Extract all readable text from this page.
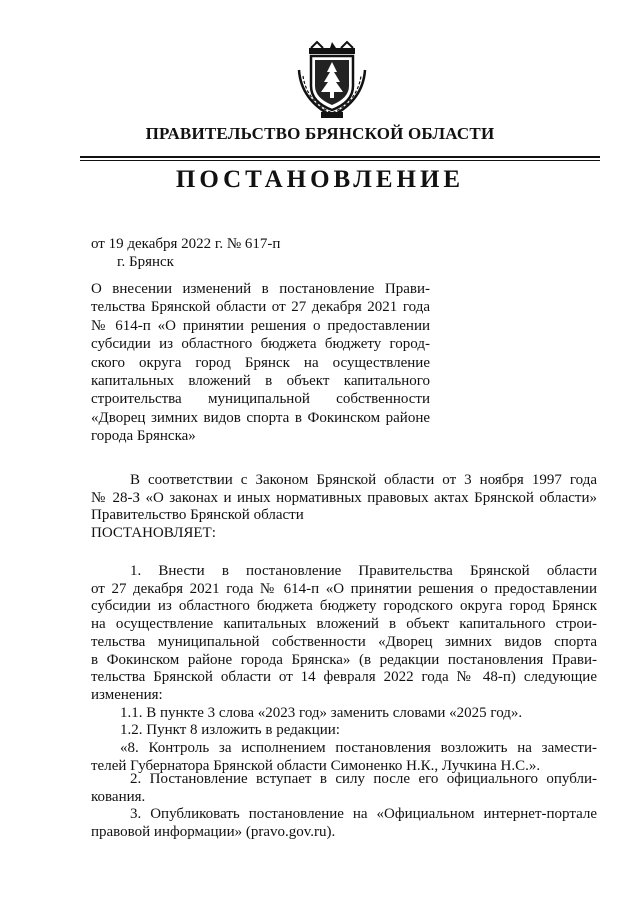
ПРАВИТЕЛЬСТВО БРЯНСКОЙ ОБЛАСТИ
ПОСТАНОВЛЕНИЕ
от 19 декабря 2022 г. № 617-п
г. Брянск
О внесении изменений в постановление Прави-
тельства Брянской области от 27 декабря 2021 года
№ 614-п «О принятии решения о предоставлении
субсидии из областного бюджета бюджету город-
ского округа город Брянск на осуществление
капитальных вложений в объект капитального
строительства муниципальной собственности
«Дворец зимних видов спорта в Фокинском районе
города Брянска»
В соответствии с Законом Брянской области от 3 ноября 1997 года
№ 28-З «О законах и иных нормативных правовых актах Брянской области»
Правительство Брянской области
ПОСТАНОВЛЯЕТ:
1. Внести в постановление Правительства Брянской области
от 27 декабря 2021 года № 614-п «О принятии решения о предоставлении
субсидии из областного бюджета бюджету городского округа город Брянск
на осуществление капитальных вложений в объект капитального строи-
тельства муниципальной собственности «Дворец зимних видов спорта
в Фокинском районе города Брянска» (в редакции постановления Прави-
тельства Брянской области от 14 февраля 2022 года № 48-п) следующие
изменения:
1.1. В пункте 3 слова «2023 год» заменить словами «2025 год».
1.2. Пункт 8 изложить в редакции:
«8. Контроль за исполнением постановления возложить на замести-
телей Губернатора Брянской области Симоненко Н.К., Лучкина Н.С.».
2. Постановление вступает в силу после его официального опубли-
кования.
3. Опубликовать постановление на «Официальном интернет-портале
правовой информации» (pravo.gov.ru).
